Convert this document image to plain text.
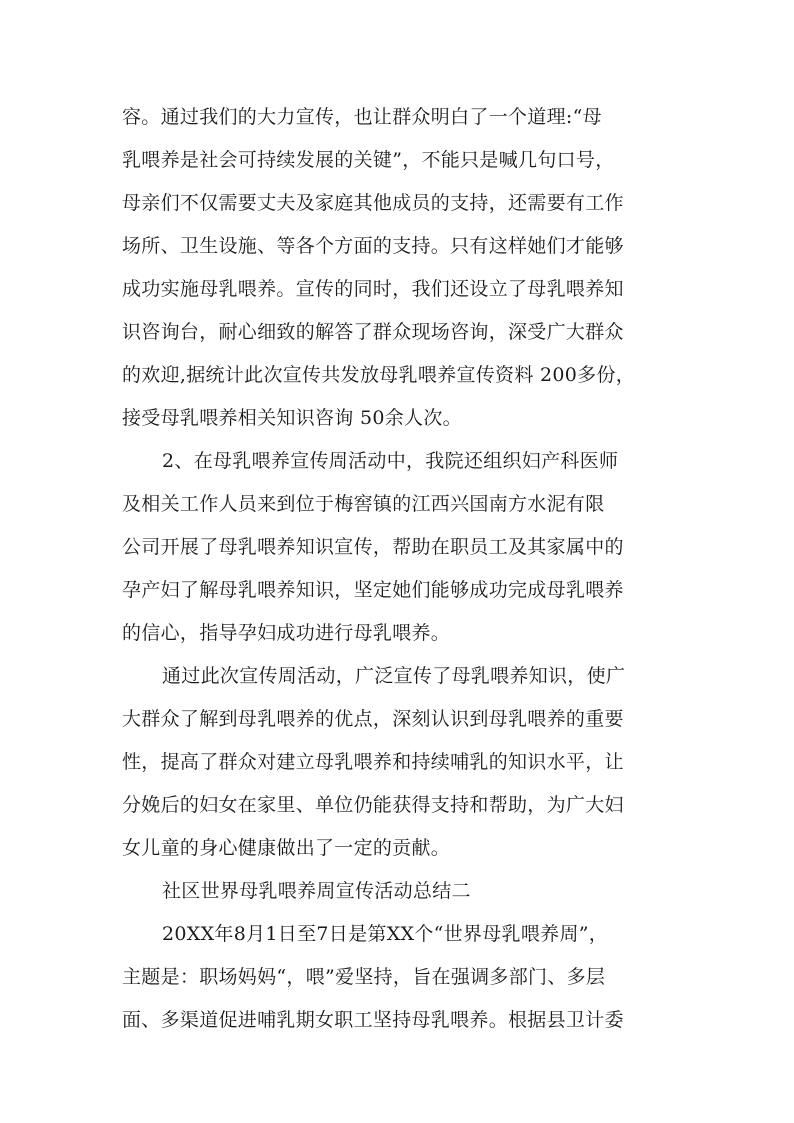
容。通过我们的大力宣传，也让群众明白了一个道理:“母
乳喂养是社会可持续发展的关键”，不能只是喊几句口号，
母亲们不仅需要丈夫及家庭其他成员的支持，还需要有工作
场所、卫生设施、等各个方面的支持。只有这样她们才能够
成功实施母乳喂养。宣传的同时，我们还设立了母乳喂养知
识咨询台，耐心细致的解答了群众现场咨询，深受广大群众
的欢迎,据统计此次宣传共发放母乳喂养宣传资料 200多份，
接受母乳喂养相关知识咨询 50余人次。
2、在母乳喂养宣传周活动中，我院还组织妇产科医师
及相关工作人员来到位于梅窖镇的江西兴国南方水泥有限
公司开展了母乳喂养知识宣传，帮助在职员工及其家属中的
孕产妇了解母乳喂养知识，坚定她们能够成功完成母乳喂养
的信心，指导孕妇成功进行母乳喂养。
通过此次宣传周活动，广泛宣传了母乳喂养知识，使广
大群众了解到母乳喂养的优点，深刻认识到母乳喂养的重要
性，提高了群众对建立母乳喂养和持续哺乳的知识水平，让
分娩后的妇女在家里、单位仍能获得支持和帮助，为广大妇
女儿童的身心健康做出了一定的贡献。
社区世界母乳喂养周宣传活动总结二
20XX年8月1日至7日是第XX个“世界母乳喂养周”，
主题是：职场妈妈“，喂”爱坚持，旨在强调多部门、多层
面、多渠道促进哺乳期女职工坚持母乳喂养。根据县卫计委
